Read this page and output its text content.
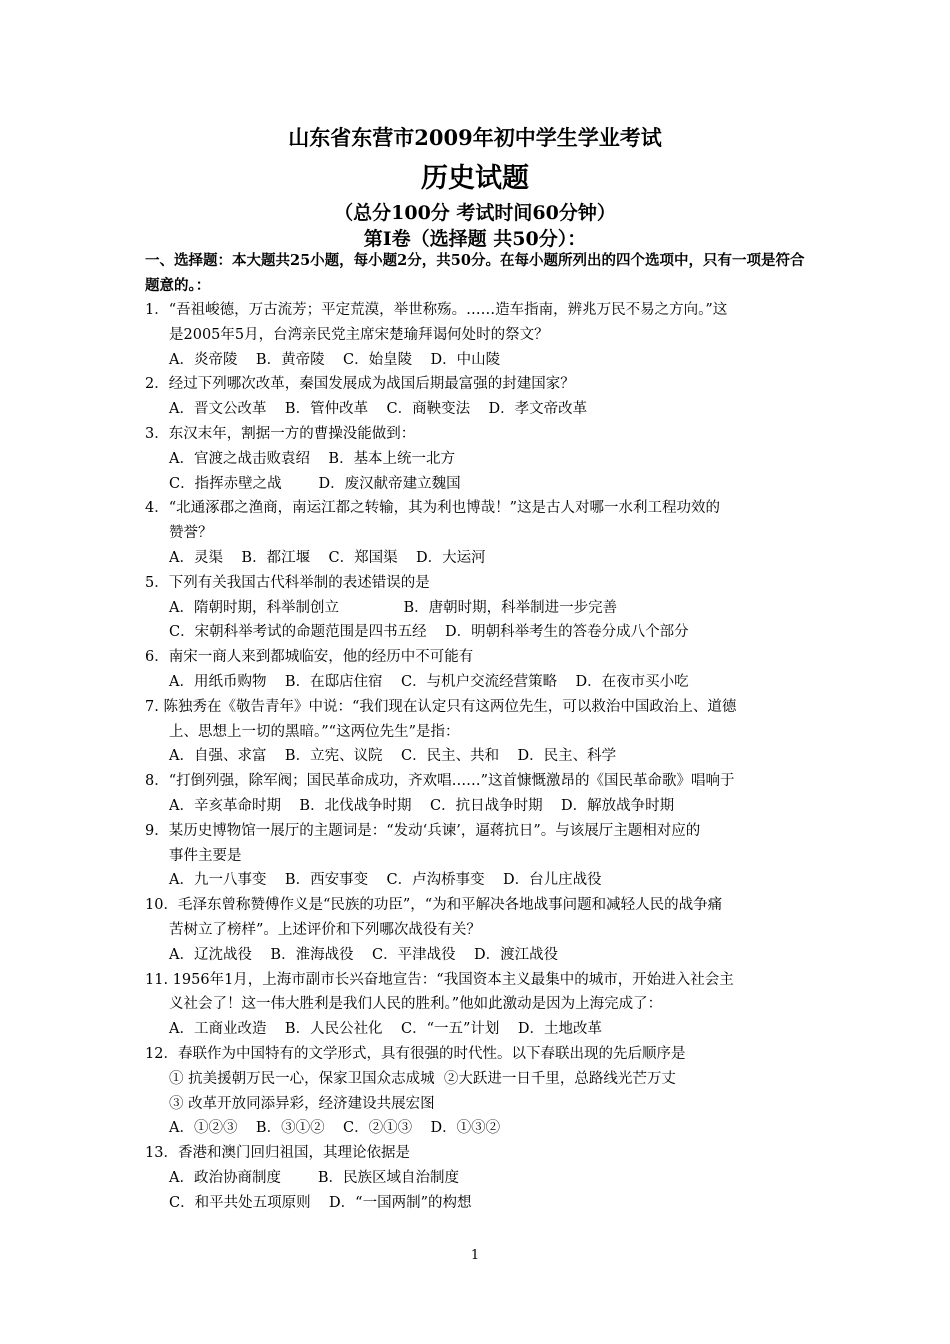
山东省东营市2009年初中学生学业考试
历史试题
（总分100分 考试时间60分钟）
第Ⅰ卷（选择题 共50分）：
一、选择题：本大题共25小题，每小题2分，共50分。在每小题所列出的四个选项中，只有一项是符合题意的。：
1．“吾祖峻德，万古流芳；平定荒漠，举世称殇。……造车指南，辨兆万民不易之方向。”这
是2005年5月，台湾亲民党主席宋楚瑜拜谒何处时的祭文？
A．炎帝陵    B．黄帝陵    C．始皇陵    D．中山陵
2．经过下列哪次改革，秦国发展成为战国后期最富强的封建国家？
A．晋文公改革    B．管仲改革    C．商鞅变法    D．孝文帝改革
3．东汉末年，割据一方的曹操没能做到：
A．官渡之战击败袁绍    B．基本上统一北方
C．指挥赤壁之战        D．废汉献帝建立魏国
4．“北通涿郡之渔商，南运江都之转输，其为利也博哉！”这是古人对哪一水利工程功效的
赞誉？
A．灵渠    B．都江堰    C．郑国渠    D．大运河
5．下列有关我国古代科举制的表述错误的是
A．隋朝时期，科举制创立              B．唐朝时期，科举制进一步完善
C．宋朝科举考试的命题范围是四书五经    D．明朝科举考生的答卷分成八个部分
6．南宋一商人来到都城临安，他的经历中不可能有
A．用纸币购物    B．在邸店住宿    C．与机户交流经营策略    D．在夜市买小吃
7. 陈独秀在《敬告青年》中说：“我们现在认定只有这两位先生，可以救治中国政治上、道德
上、思想上一切的黑暗。”“这两位先生”是指：
A．自强、求富    B．立宪、议院    C．民主、共和    D．民主、科学
8．“打倒列强，除军阀；国民革命成功，齐欢唱……”这首慷慨激昂的《国民革命歌》唱响于
A．辛亥革命时期    B．北伐战争时期    C．抗日战争时期    D．解放战争时期
9．某历史博物馆一展厅的主题词是：“发动‘兵谏’，逼蒋抗日”。与该展厅主题相对应的
事件主要是
A．九一八事变    B．西安事变    C．卢沟桥事变    D．台儿庄战役
10．毛泽东曾称赞傅作义是“民族的功臣”，“为和平解决各地战事问题和减轻人民的战争痛
苦树立了榜样”。上述评价和下列哪次战役有关？
A．辽沈战役    B．淮海战役    C．平津战役    D．渡江战役
11. 1956年1月，上海市副市长兴奋地宣告：“我国资本主义最集中的城市，开始进入社会主
义社会了！这一伟大胜利是我们人民的胜利。”他如此激动是因为上海完成了：
A．工商业改造    B．人民公社化    C．“一五”计划    D．土地改革
12．春联作为中国特有的文学形式，具有很强的时代性。以下春联出现的先后顺序是
① 抗美援朝万民一心，保家卫国众志成城  ②大跃进一日千里，总路线光芒万丈
③ 改革开放同添异彩，经济建设共展宏图
A．①②③    B．③①②    C．②①③    D．①③②
13．香港和澳门回归祖国，其理论依据是
A．政治协商制度        B．民族区域自治制度
C．和平共处五项原则    D．“一国两制”的构想
1
